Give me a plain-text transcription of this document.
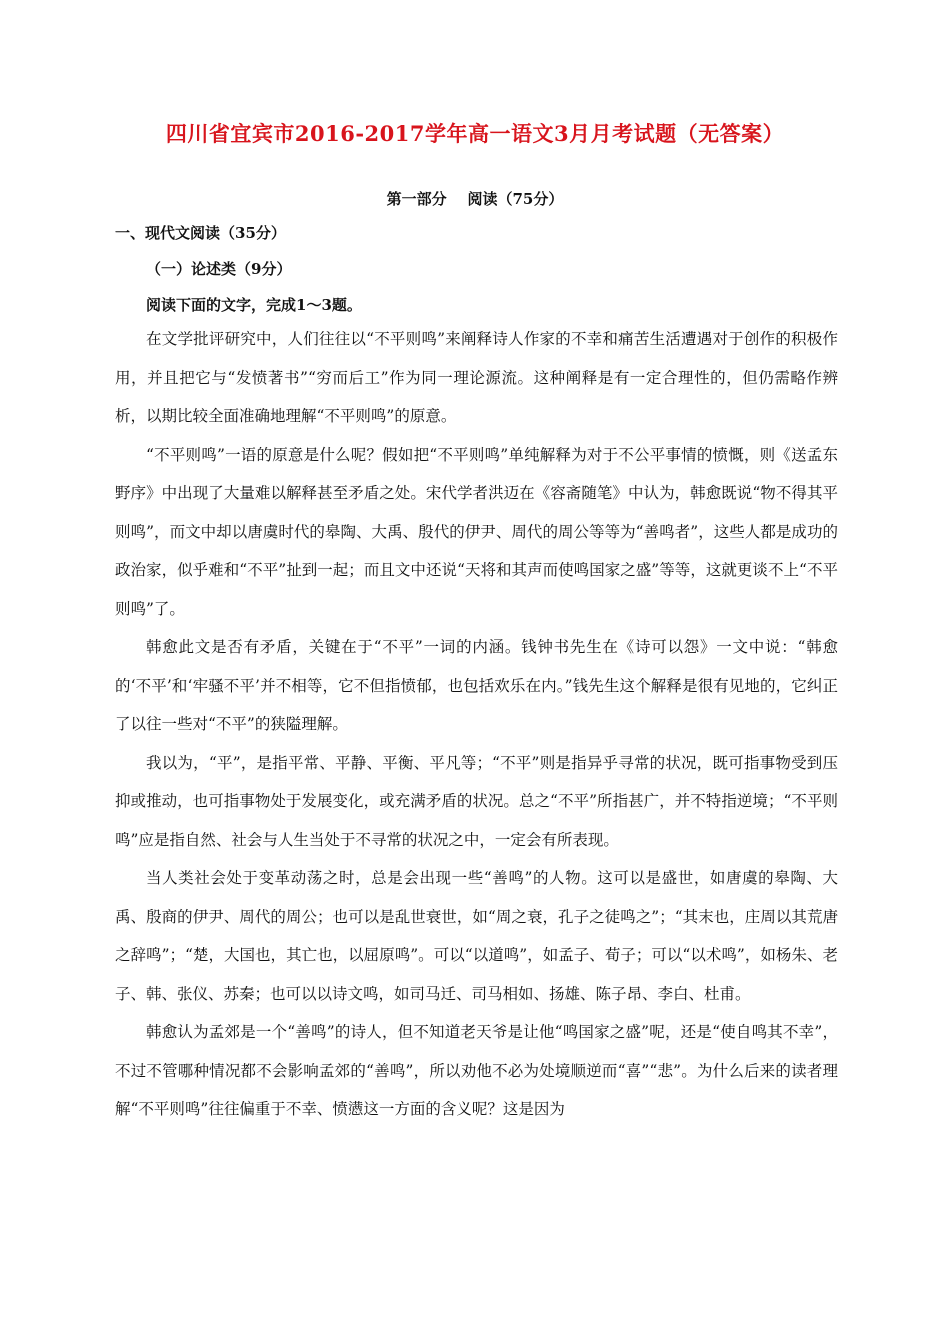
四川省宜宾市2016-2017学年高一语文3月月考试题（无答案）
第一部分    阅读（75分）
一、现代文阅读（35分）
（一）论述类（9分）
阅读下面的文字，完成1～3题。

在文学批评研究中，人们往往以“不平则鸣”来阐释诗人作家的不幸和痛苦生活遭遇对于创作的积极作用，并且把它与“发愤著书”“穷而后工”作为同一理论源流。这种阐释是有一定合理性的，但仍需略作辨析，以期比较全面准确地理解“不平则鸣”的原意。

“不平则鸣”一语的原意是什么呢？假如把“不平则鸣”单纯解释为对于不公平事情的愤慨，则《送孟东野序》中出现了大量难以解释甚至矛盾之处。宋代学者洪迈在《容斋随笔》中认为，韩愈既说“物不得其平则鸣”，而文中却以唐虞时代的皋陶、大禹、殷代的伊尹、周代的周公等等为“善鸣者”，这些人都是成功的政治家，似乎难和“不平”扯到一起；而且文中还说“天将和其声而使鸣国家之盛”等等，这就更谈不上“不平则鸣”了。

韩愈此文是否有矛盾，关键在于“不平”一词的内涵。钱钟书先生在《诗可以怨》一文中说：“韩愈的‘不平’和‘牢骚不平’并不相等，它不但指愤郁，也包括欢乐在内。”钱先生这个解释是很有见地的，它纠正了以往一些对“不平”的狭隘理解。

我以为，“平”，是指平常、平静、平衡、平凡等；“不平”则是指异乎寻常的状况，既可指事物受到压抑或推动，也可指事物处于发展变化，或充满矛盾的状况。总之“不平”所指甚广，并不特指逆境；“不平则鸣”应是指自然、社会与人生当处于不寻常的状况之中，一定会有所表现。

当人类社会处于变革动荡之时，总是会出现一些“善鸣”的人物。这可以是盛世，如唐虞的皋陶、大禹、殷商的伊尹、周代的周公；也可以是乱世衰世，如“周之衰，孔子之徒鸣之”；“其末也，庄周以其荒唐之辞鸣”；“楚，大国也，其亡也，以屈原鸣”。可以“以道鸣”，如孟子、荀子；可以“以术鸣”，如杨朱、老子、韩、张仪、苏秦；也可以以诗文鸣，如司马迁、司马相如、扬雄、陈子昂、李白、杜甫。

韩愈认为孟郊是一个“善鸣”的诗人，但不知道老天爷是让他“鸣国家之盛”呢，还是“使自鸣其不幸”，不过不管哪种情况都不会影响孟郊的“善鸣”，所以劝他不必为处境顺逆而“喜”“悲”。为什么后来的读者理解“不平则鸣”往往偏重于不幸、愤懑这一方面的含义呢？这是因为
